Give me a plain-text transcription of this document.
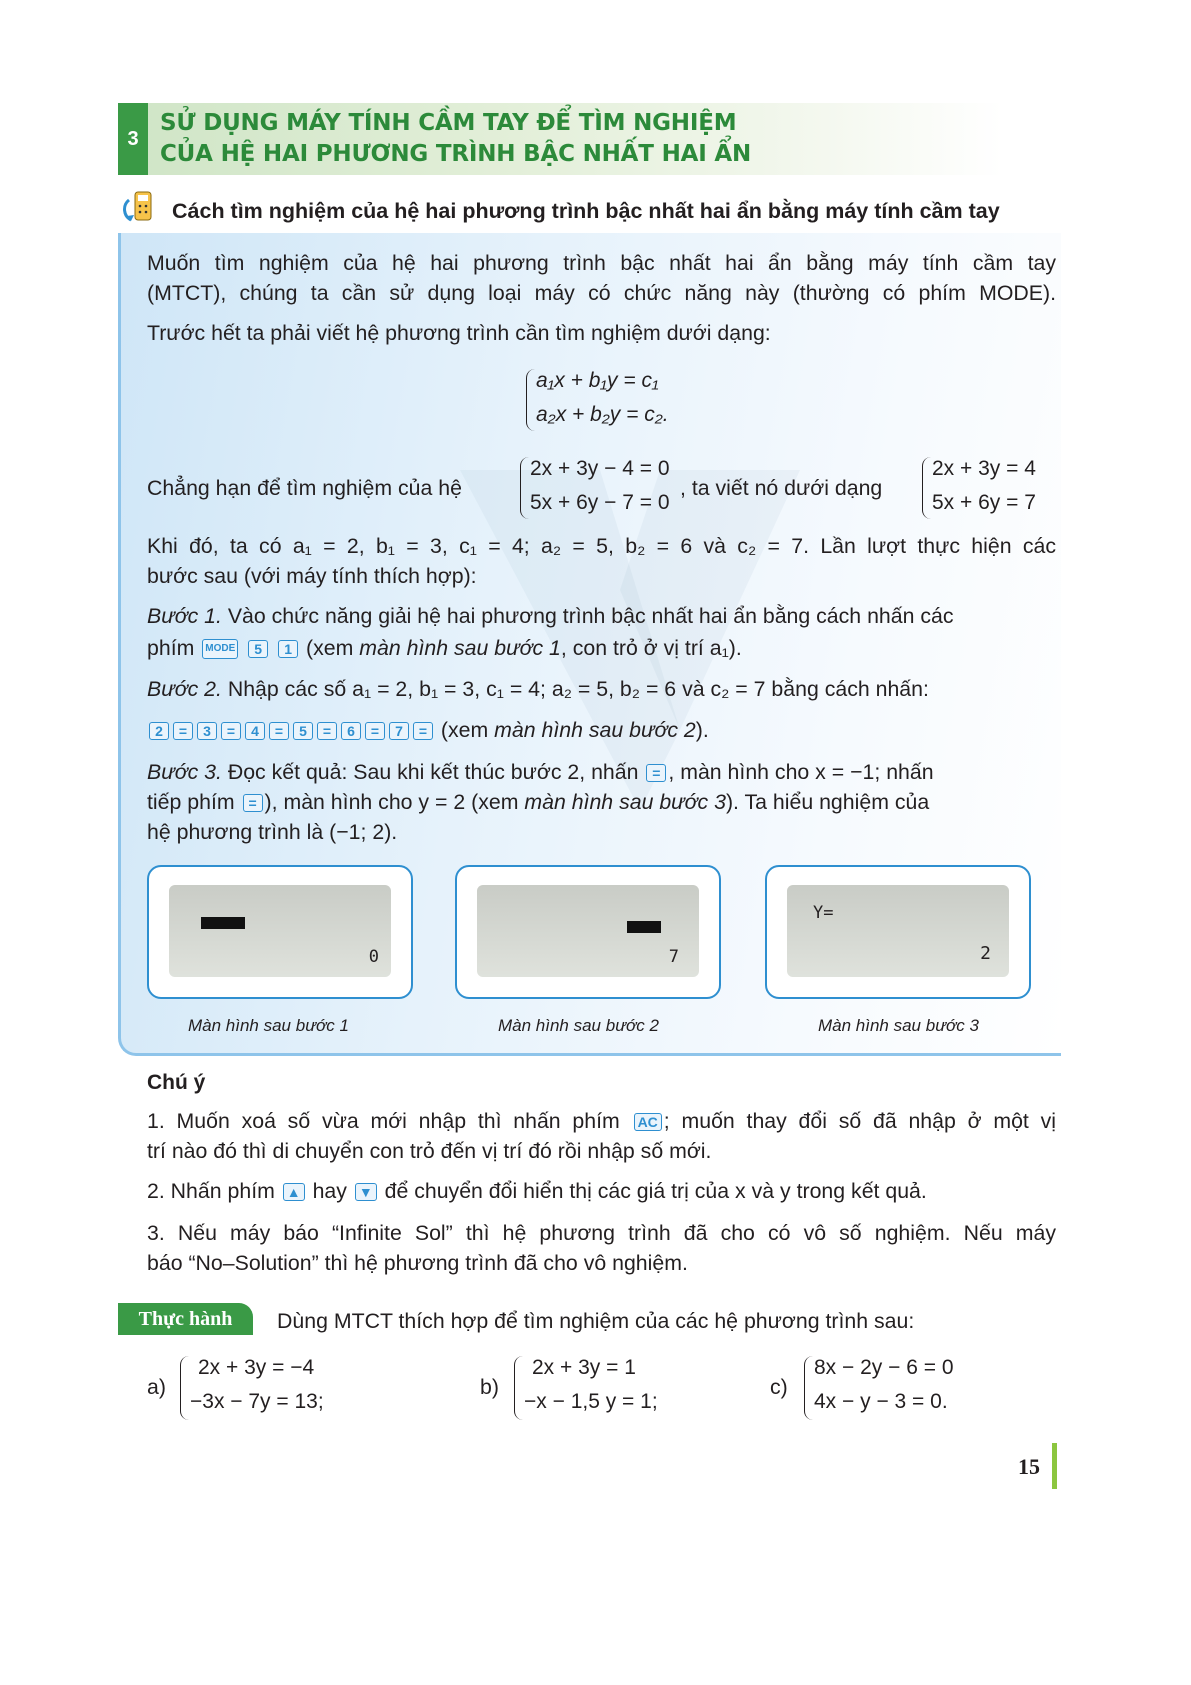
3
SỬ DỤNG MÁY TÍNH CẦM TAY ĐỂ TÌM NGHIỆM
CỦA HỆ HAI PHƯƠNG TRÌNH BẬC NHẤT HAI ẨN
Cách tìm nghiệm của hệ hai phương trình bậc nhất hai ẩn bằng máy tính cầm tay
Muốn tìm nghiệm của hệ hai phương trình bậc nhất hai ẩn bằng máy tính cầm tay
(MTCT), chúng ta cần sử dụng loại máy có chức năng này (thường có phím MODE).
Trước hết ta phải viết hệ phương trình cần tìm nghiệm dưới dạng:
a₁x + b₁y = c₁
a₂x + b₂y = c₂.
Chẳng hạn để tìm nghiệm của hệ
2x + 3y − 4 = 0
5x + 6y − 7 = 0
, ta viết nó dưới dạng
2x + 3y = 4
5x + 6y = 7
Khi đó, ta có a₁ = 2, b₁ = 3, c₁ = 4; a₂ = 5, b₂ = 6 và c₂ = 7. Lần lượt thực hiện các
bước sau (với máy tính thích hợp):
Bước 1. Vào chức năng giải hệ hai phương trình bậc nhất hai ẩn bằng cách nhấn các
phím MODE 5 1 (xem màn hình sau bước 1, con trỏ ở vị trí a₁).
Bước 2. Nhập các số a₁ = 2, b₁ = 3, c₁ = 4; a₂ = 5, b₂ = 6 và c₂ = 7 bằng cách nhấn:
2 = 3 = 4 = 5 = 6 = 7 = (xem màn hình sau bước 2).
Bước 3. Đọc kết quả: Sau khi kết thúc bước 2, nhấn = , màn hình cho x = −1; nhấn
tiếp phím = ), màn hình cho y = 2 (xem màn hình sau bước 3). Ta hiểu nghiệm của
hệ phương trình là (−1; 2).
0	7
Y=
2
Màn hình sau bước 1	Màn hình sau bước 2	Màn hình sau bước 3
Chú ý
1. Muốn xoá số vừa mới nhập thì nhấn phím AC ; muốn thay đổi số đã nhập ở một vị
trí nào đó thì di chuyển con trỏ đến vị trí đó rồi nhập số mới.
2. Nhấn phím ▲ hay ▼ để chuyển đổi hiển thị các giá trị của x và y trong kết quả.
3. Nếu máy báo “Infinite Sol” thì hệ phương trình đã cho có vô số nghiệm. Nếu máy
báo “No–Solution” thì hệ phương trình đã cho vô nghiệm.
Thực hành	Dùng MTCT thích hợp để tìm nghiệm của các hệ phương trình sau:
a)
2x + 3y = −4
−3x − 7y = 13;
b)
2x + 3y = 1
−x − 1,5 y = 1;
c)
8x − 2y − 6 = 0
4x − y − 3 = 0.
15
